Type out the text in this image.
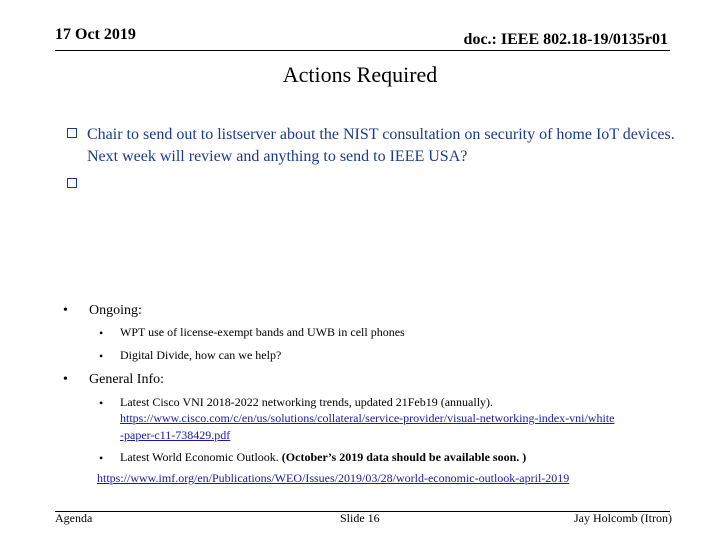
17 Oct 2019	doc.: IEEE 802.18-19/0135r01
Actions Required
Chair to send out to listserver about the NIST consultation on security of home IoT devices. Next week will review and anything to send to IEEE USA?
• Ongoing:
• WPT use of license-exempt bands and UWB in cell phones
• Digital Divide, how can we help?
• General Info:
• Latest Cisco VNI 2018-2022 networking trends, updated 21Feb19 (annually).
https://www.cisco.com/c/en/us/solutions/collateral/service-provider/visual-networking-index-vni/white
-paper-c11-738429.pdf
• Latest World Economic Outlook. (October’s 2019 data should be available soon. )
https://www.imf.org/en/Publications/WEO/Issues/2019/03/28/world-economic-outlook-april-2019
Agenda	Slide 16	Jay Holcomb (Itron)
